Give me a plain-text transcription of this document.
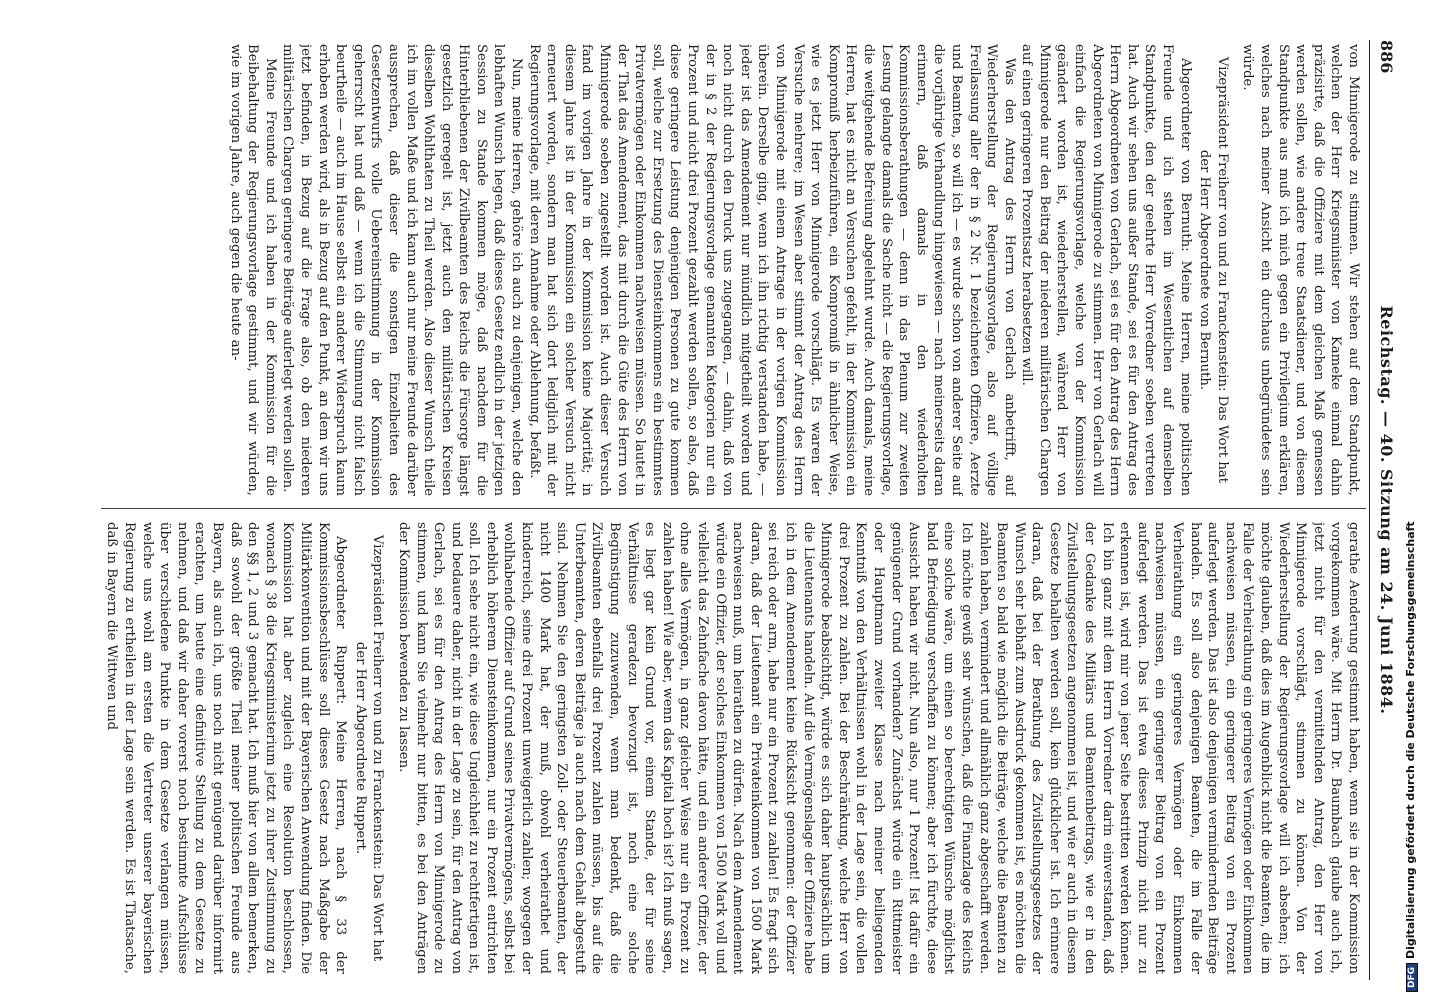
886
Reichstag. — 40. Sitzung am 24. Juni 1884.

von Minnigerode zu stimmen. Wir stehen auf dem Standpunkt, welchen der Herr Kriegsminister von Kameke einmal dahin präzisirte, daß die Offiziere mit dem gleichen Maß gemessen werden sollen, wie andere treue Staatsdiener, und von diesem Standpunkte aus muß ich mich gegen ein Privilegium erklären, welches nach meiner Ansicht ein durchaus unbegründetes sein würde.

Vizepräsident Freiherr von und zu Franckenstein: Das Wort hat der Herr Abgeordnete von Bernuth.

Abgeordneter von Bernuth: Meine Herren, meine politischen Freunde und ich stehen im Wesentlichen auf demselben Standpunkte, den der geehrte Herr Vorredner soeben vertreten hat. Auch wir sehen uns außer Stande, sei es für den Antrag des Herrn Abgeordneten von Gerlach, sei es für den Antrag des Herrn Abgeordneten von Minnigerode zu stimmen. Herr von Gerlach will einfach die Regierungsvorlage, welche von der Kommission geändert worden ist, wiederherstellen, während Herr von Minnigerode nur den Beitrag der niederen militärischen Chargen auf einen geringeren Prozentsatz herabsetzen will.

Was den Antrag des Herrn von Gerlach anbetrifft, auf Wiederherstellung der Regierungsvorlage, also auf völlige Freilassung aller der in § 2 Nr. 1 bezeichneten Offiziere, Aerzte und Beamten, so will ich — es wurde schon von anderer Seite auf die vorjährige Verhandlung hingewiesen — nach meinerseits daran erinnern, daß damals in den wiederholten Kommissionsberathungen — denn in das Plenum zur zweiten Lesung gelangte damals die Sache nicht — die Regierungsvorlage, die weitgehende Befreiung abgelehnt wurde. Auch damals, meine Herren, hat es nicht an Versuchen gefehlt, in der Kommission ein Kompromiß herbeizuführen, ein Kompromiß in ähnlicher Weise, wie es jetzt Herr von Minnigerode vorschlägt. Es waren der Versuche mehrere; im Wesen aber stimmt der Antrag des Herrn von Minnigerode mit einem Antrage in der vorigen Kommission überein. Derselbe ging, wenn ich ihn richtig verstanden habe, — jeder ist das Amendement nur mündlich mitgetheilt worden und noch nicht durch den Druck uns zugegangen, — dahin, daß von der in § 2 der Regierungsvorlage genannten Kategorien nur ein Prozent und nicht drei Prozent gezahlt werden sollen, so also, daß diese geringere Leistung denjenigen Personen zu gute kommen soll, welche zur Ersetzung des Diensteinkommens ein bestimmtes Privatvermögen oder Einkommen nachweisen müssen. So lautet in der That das Amendement, das mit durch die Güte des Herrn von Minnigerode soeben zugestellt worden ist. Auch dieser Versuch fand im vorigen Jahre in der Kommission keine Majorität; in diesem Jahre ist in der Kommission ein solcher Versuch nicht erneuert worden, sondern man hat sich dort lediglich mit der Regierungsvorlage, mit deren Annahme oder Ablehnung, befaßt.

Nun, meine Herren, gehöre ich auch zu denjenigen, welche den lebhaften Wunsch hegen, daß dieses Gesetz endlich in der jetzigen Session zu Stande kommen möge, daß nachdem für die Hinterbliebenen der Zivilbeamten des Reichs die Fürsorge längst gesetzlich geregelt ist, jetzt auch den militärischen Kreisen dieselben Wohlthaten zu Theil werden. Also dieser Wunsch theile ich im vollen Maße und ich kann auch nur meine Freunde darüber aussprechen, daß dieser die sonstigen Einzelheiten des Gesetzentwurfs volle Uebereinstimmung in der Kommission geherrscht hat und daß — wenn ich die Stimmung nicht falsch beurtheile — auch im Hause selbst ein anderer Widerspruch kaum erhoben werden wird, als in Bezug auf den Punkt, an dem wir uns jetzt befinden, in Bezug auf die Frage also, ob den niederen militärischen Chargen geringere Beiträge auferlegt werden sollen.

Meine Freunde und ich haben in der Kommission für die Beibehaltung der Regierungsvorlage gestimmt, und wir würden, wie im vorigen Jahre, auch gegen die heute an-

gerathe Aenderung gestimmt haben, wenn sie in der Kommission vorgekommen wäre. Mit Herrn Dr. Baumbach glaube auch ich, jetzt nicht für den vermittelnden Antrag, den Herr von Minnigerode vorschlägt, stimmen zu können. Von der Wiederherstellung der Regierungsvorlage will ich absehen; ich möchte glauben, daß dies im Augenblick nicht die Beamten, die im Falle der Verheirathung ein geringeres Vermögen oder Einkommen nachweisen müssen, ein geringerer Beitrag von ein Prozent auferlegt werden. Das ist also denjenigen vermindernden Beiträge handeln. Es soll also denjenigen Beamten, die im Falle der Verheirathung ein geringeres Vermögen oder Einkommen nachweisen müssen, ein geringerer Beitrag von ein Prozent auferlegt werden. Das ist etwa dieses Prinzip nicht nur zu erkennen ist, wird mir von jener Seite bestritten werden können. Ich bin ganz mit dem Herrn Vorredner darin einverstanden, daß der Gedanke des Militärs und Beamtenbeitrags, wie er in den Zivilstellungsgesetzen angenommen ist, und wie er auch in diesem Gesetze behalten werden soll, kein glücklicher ist. Ich erinnere daran, daß bei der Berathung des Zivilstellungsgesetzes der Wunsch sehr lebhaft zum Ausdruck gekommen ist, es möchten die Beamten so bald wie möglich die Beiträge, welche die Beamten zu zahlen haben, vermindert und allmählich ganz abgeschafft werden. Ich möchte gewiß sehr wünschen, daß die Finanzlage des Reichs eine solche wäre, um einen so berechtigten Wünsche möglichst bald Befriedigung verschaffen zu können; aber ich fürchte, diese Aussicht haben wir nicht. Nun also, nur 1 Prozent! Ist dafür ein genügender Grund vorhanden? Zunächst würde ein Rittmeister oder Hauptmann zweiter Klasse nach meiner beiliegenden Kenntniß von den Verhältnissen wohl in der Lage sein, die vollen drei Prozent zu zahlen. Bei der Beschränkung, welche Herr von Minnigerode beabsichtigt, würde es sich daher hauptsächlich um die Lieutenants handeln. Auf die Vermögenslage der Offiziere habe ich in dem Amendement keine Rücksicht genommen: der Offizier sei reich oder arm, habe nur ein Prozent zu zahlen! Es fragt sich daran, daß der Lieutenant ein Privateinkommen von 1500 Mark nachweisen muß, um heirathen zu dürfen. Nach dem Amendement würde ein Offizier, der solches Einkommen von 1500 Mark voll und vielleicht das Zehnfache davon hätte, und ein anderer Offizier, der ohne alles Vermögen, in ganz gleicher Weise nur ein Prozent zu zahlen haben! Wie aber, wenn das Kapital hoch ist? Ich muß sagen, es liegt gar kein Grund vor, einem Stande, der für seine Verhältnisse geradezu bevorzugt ist, noch eine solche Begünstigung zuzuwenden, wenn man bedenkt, daß die Zivilbeamten ebenfalls drei Prozent zahlen müssen, bis auf die Unterbeamten, deren Beiträge ja auch nach dem Gehalt abgestuft sind. Nehmen Sie den geringsten Zoll- oder Steuerbeamten, der nicht 1400 Mark hat, der muß, obwohl verheirathet und kinderreich, seine drei Prozent unweigerlich zahlen; wogegen der wohlhabende Offizier auf Grund seines Privatvermögens, selbst bei erheblich höherem Diensteinkommen, nur ein Prozent entrichten soll. Ich sehe nicht ein, wie diese Ungleichheit zu rechtfertigen ist, und bedauere daher, nicht in der Lage zu sein, für den Antrag von Gerlach, sei es für den Antrag des Herrn von Minnigerode zu stimmen, und kann Sie vielmehr nur bitten, es bei den Anträgen der Kommission bewenden zu lassen.

Vizepräsident Freiherr von und zu Franckenstein: Das Wort hat der Herr Abgeordnete Ruppert.

Abgeordneter Ruppert: Meine Herren, nach § 33 der Kommissionsbeschlüsse soll dieses Gesetz nach Maßgabe der Militärkonvention und mit der Bayerischen Anwendung finden. Die Kommission hat aber zugleich eine Resolution beschlossen, wonach § 38 die Kriegsministerium jetzt zu ihrer Zustimmung zu den §§ 1, 2 und 3 gemacht hat. Ich muß hier von allem bemerken, daß sowohl der größte Theil meiner politischen Freunde aus Bayern, als auch ich, uns noch nicht genügend darüber informirt erachten, um heute eine definitive Stellung zu dem Gesetze zu nehmen, und daß wir daher vorerst noch bestimmte Aufschlüsse über verschiedene Punkte in dem Gesetze verlangen müssen, welche uns wohl am ersten die Vertreter unserer bayerischen Regierung zu ertheilen in der Lage sein werden. Es ist Thatsache, daß in Bayern die Wittwen und

DFGDigitalisierung gefördert durch die Deutsche Forschungsgemeinschaft
